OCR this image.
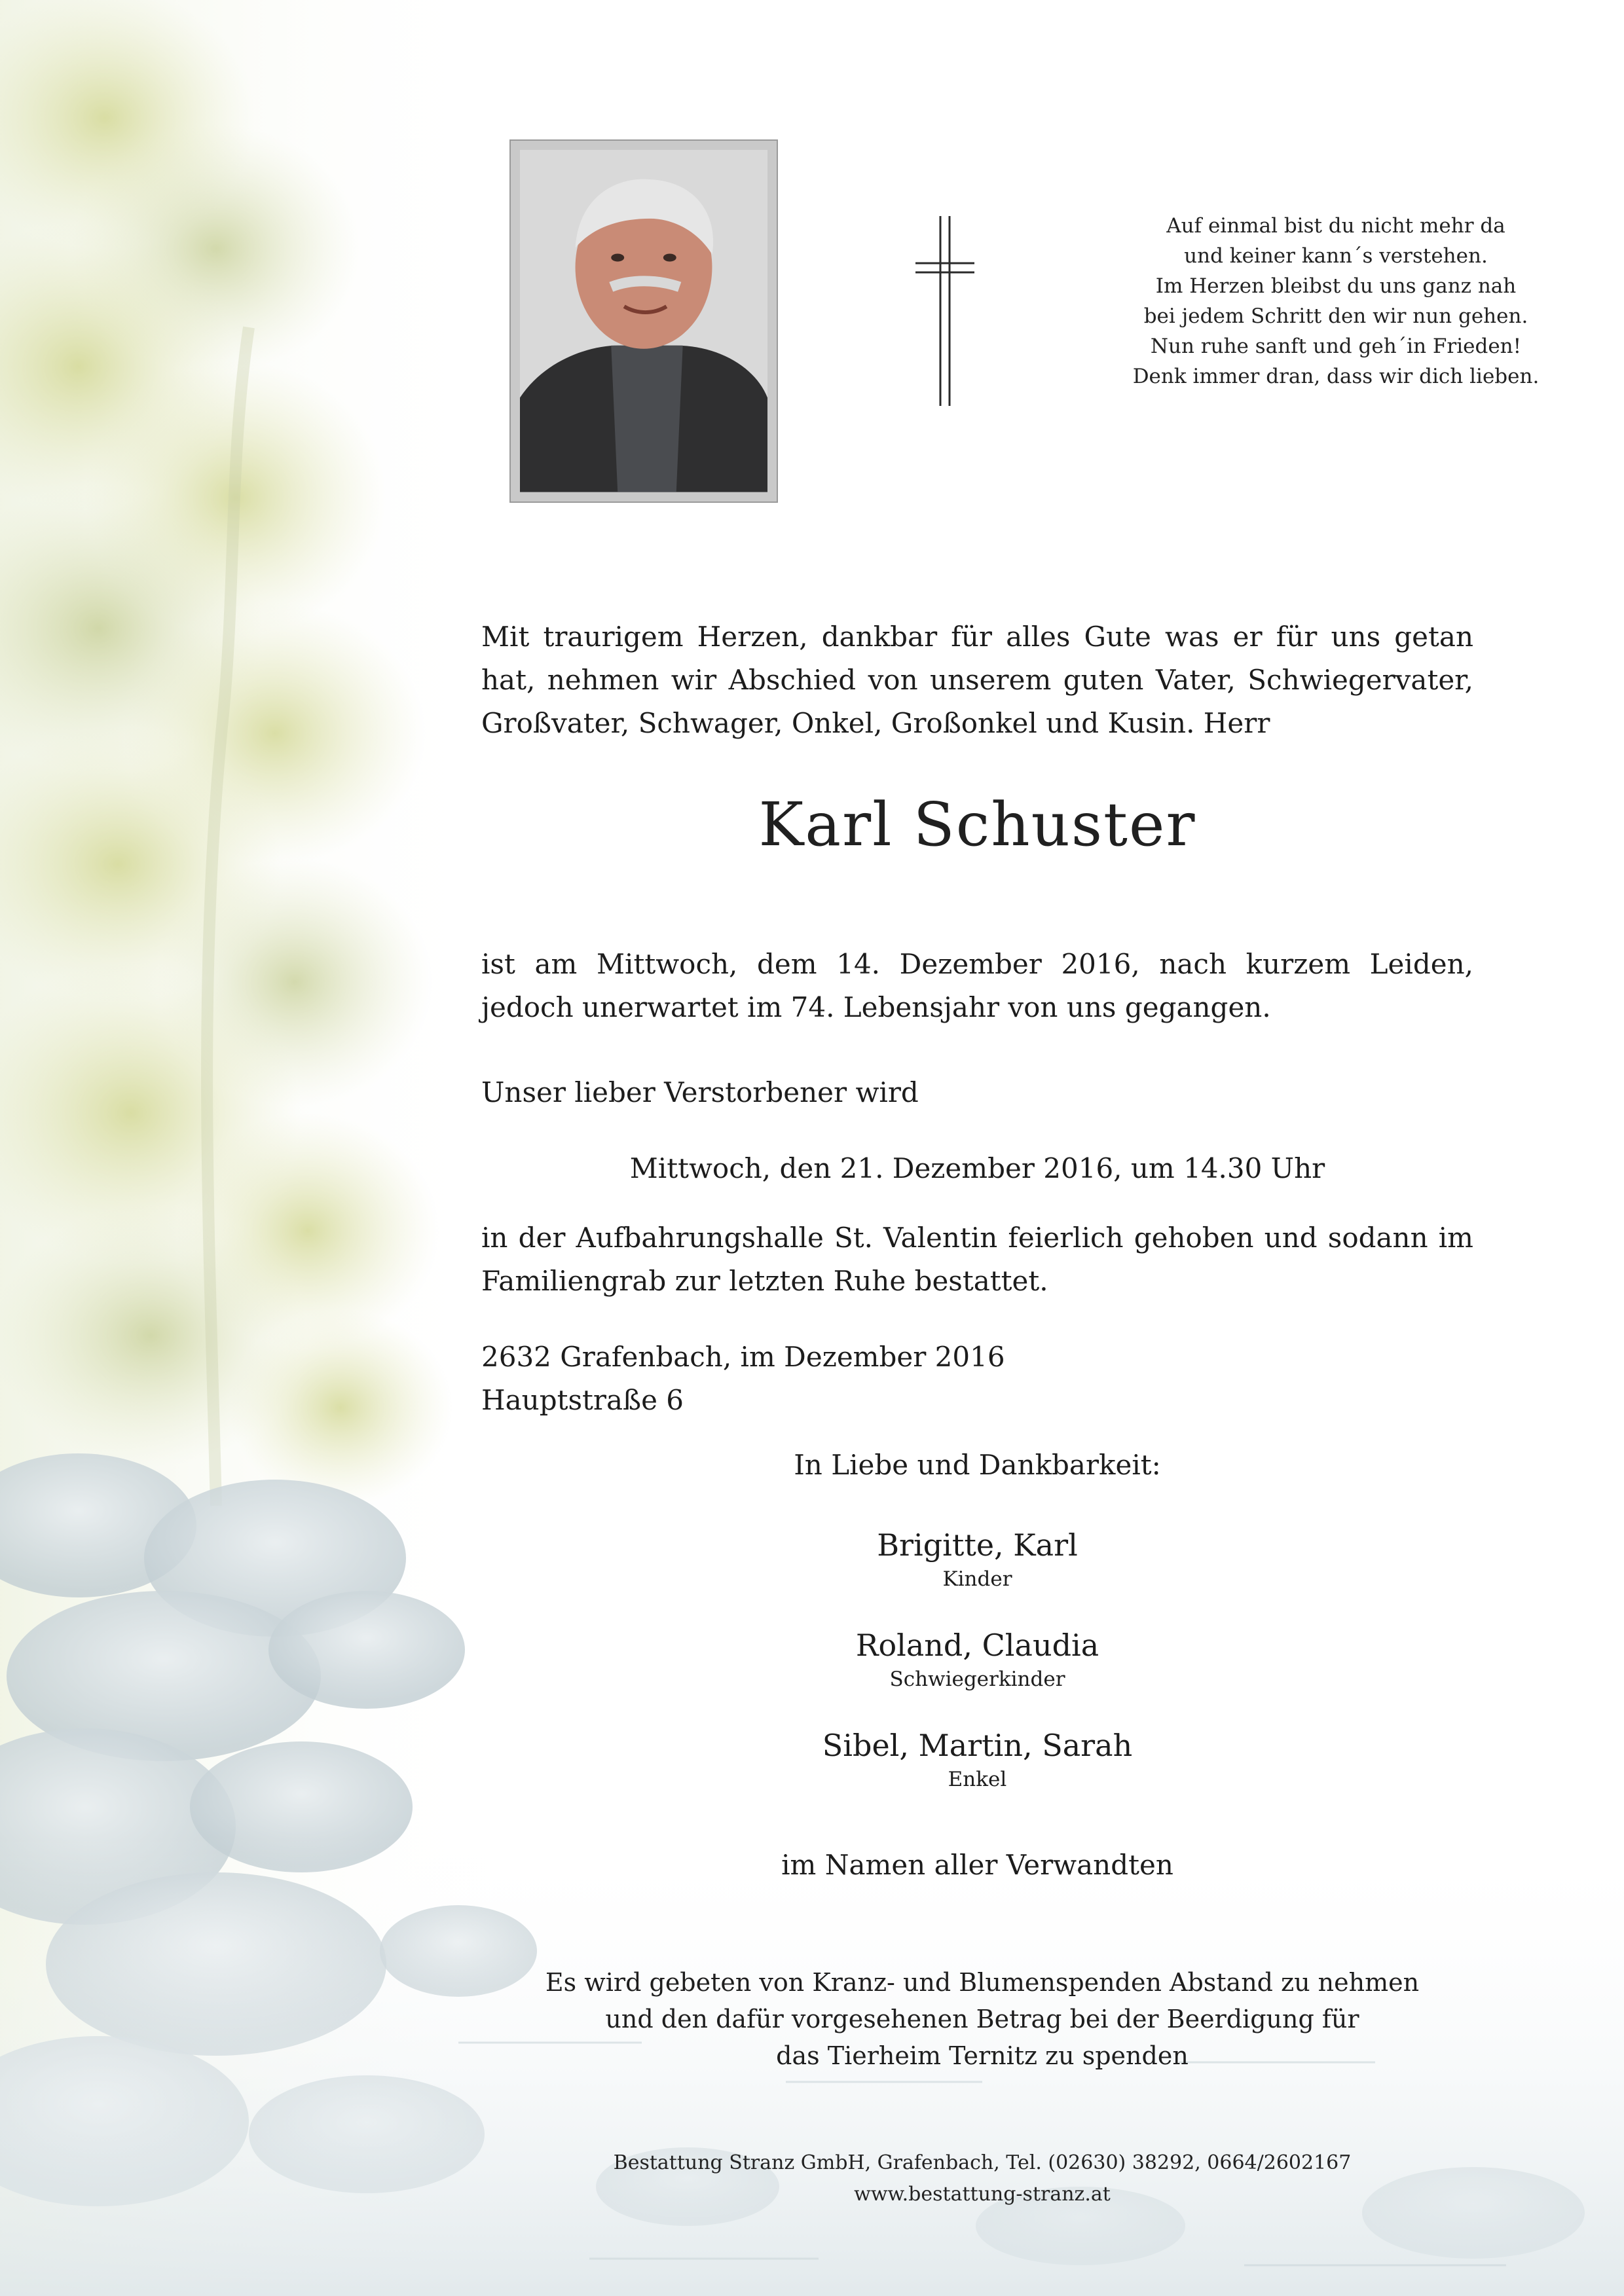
Auf einmal bist du nicht mehr da
und keiner kann´s verstehen.
Im Herzen bleibst du uns ganz nah
bei jedem Schritt den wir nun gehen.
Nun ruhe sanft und geh´in Frieden!
Denk immer dran, dass wir dich lieben.
Mit traurigem Herzen, dankbar für alles Gute was er für uns getan hat, nehmen wir Abschied von unserem guten Vater, Schwiegervater, Großvater, Schwager, Onkel, Großonkel und Kusin. Herr
Karl Schuster
ist am Mittwoch, dem 14. Dezember 2016, nach kurzem Leiden, jedoch unerwartet im 74. Lebensjahr von uns gegangen.
Unser lieber Verstorbener wird
Mittwoch, den 21. Dezember 2016, um 14.30 Uhr
in der Aufbahrungshalle St. Valentin feierlich gehoben und sodann im Familiengrab zur letzten Ruhe bestattet.
2632 Grafenbach, im Dezember 2016
Hauptstraße 6
In Liebe und Dankbarkeit:
Brigitte, Karl
Kinder
Roland, Claudia
Schwiegerkinder
Sibel, Martin, Sarah
Enkel
im Namen aller Verwandten
Es wird gebeten von Kranz- und Blumenspenden Abstand zu nehmen
und den dafür vorgesehenen Betrag bei der Beerdigung für
das Tierheim Ternitz zu spenden
Bestattung Stranz GmbH, Grafenbach, Tel. (02630) 38292, 0664/2602167
www.bestattung-stranz.at
